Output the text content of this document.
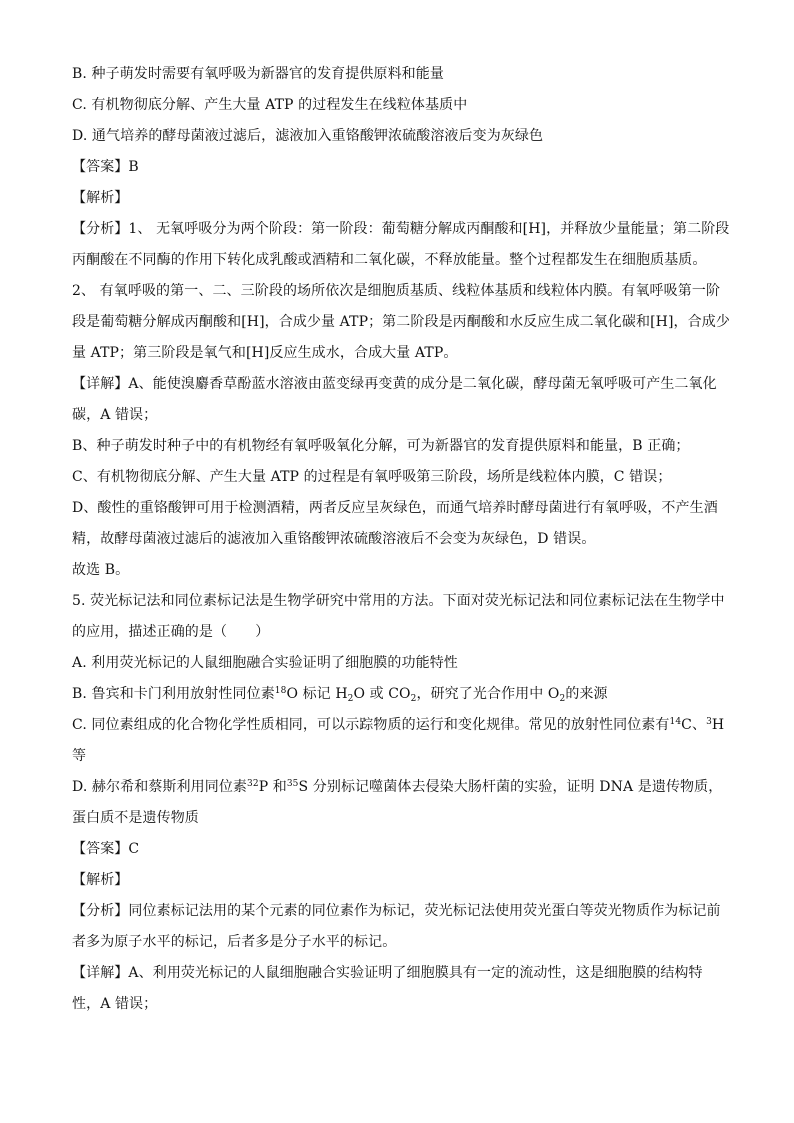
B. 种子萌发时需要有氧呼吸为新器官的发育提供原料和能量

C. 有机物彻底分解、产生大量 ATP 的过程发生在线粒体基质中

D. 通气培养的酵母菌液过滤后，滤液加入重铬酸钾浓硫酸溶液后变为灰绿色

【答案】B

【解析】

【分析】1、 无氧呼吸分为两个阶段：第一阶段：葡萄糖分解成丙酮酸和[H]，并释放少量能量；第二阶段

丙酮酸在不同酶的作用下转化成乳酸或酒精和二氧化碳，不释放能量。整个过程都发生在细胞质基质。

2、 有氧呼吸的第一、二、三阶段的场所依次是细胞质基质、线粒体基质和线粒体内膜。有氧呼吸第一阶

段是葡萄糖分解成丙酮酸和[H]，合成少量 ATP；第二阶段是丙酮酸和水反应生成二氧化碳和[H]，合成少

量 ATP；第三阶段是氧气和[H]反应生成水，合成大量 ATP。

【详解】A、能使溴麝香草酚蓝水溶液由蓝变绿再变黄的成分是二氧化碳，酵母菌无氧呼吸可产生二氧化

碳，A 错误；

B、种子萌发时种子中的有机物经有氧呼吸氧化分解，可为新器官的发育提供原料和能量，B 正确；

C、有机物彻底分解、产生大量 ATP 的过程是有氧呼吸第三阶段，场所是线粒体内膜，C 错误；

D、酸性的重铬酸钾可用于检测酒精，两者反应呈灰绿色，而通气培养时酵母菌进行有氧呼吸，不产生酒

精，故酵母菌液过滤后的滤液加入重铬酸钾浓硫酸溶液后不会变为灰绿色，D 错误。

故选 B。

5. 荧光标记法和同位素标记法是生物学研究中常用的方法。下面对荧光标记法和同位素标记法在生物学中

的应用，描述正确的是（　　）

A. 利用荧光标记的人鼠细胞融合实验证明了细胞膜的功能特性

B. 鲁宾和卡门利用放射性同位素$^{18}$O 标记 $H_2O$ 或 $CO_2$，研究了光合作用中 $O_2$的来源

C. 同位素组成的化合物化学性质相同，可以示踪物质的运行和变化规律。常见的放射性同位素有$^{14}$C、$^3$H

等

D. 赫尔希和蔡斯利用同位素$^{32}$P 和$^{35}$S 分别标记噬菌体去侵染大肠杆菌的实验，证明 DNA 是遗传物质，

蛋白质不是遗传物质

【答案】C

【解析】

【分析】同位素标记法用的某个元素的同位素作为标记，荧光标记法使用荧光蛋白等荧光物质作为标记前

者多为原子水平的标记，后者多是分子水平的标记。

【详解】A、利用荧光标记的人鼠细胞融合实验证明了细胞膜具有一定的流动性，这是细胞膜的结构特

性，A 错误；
